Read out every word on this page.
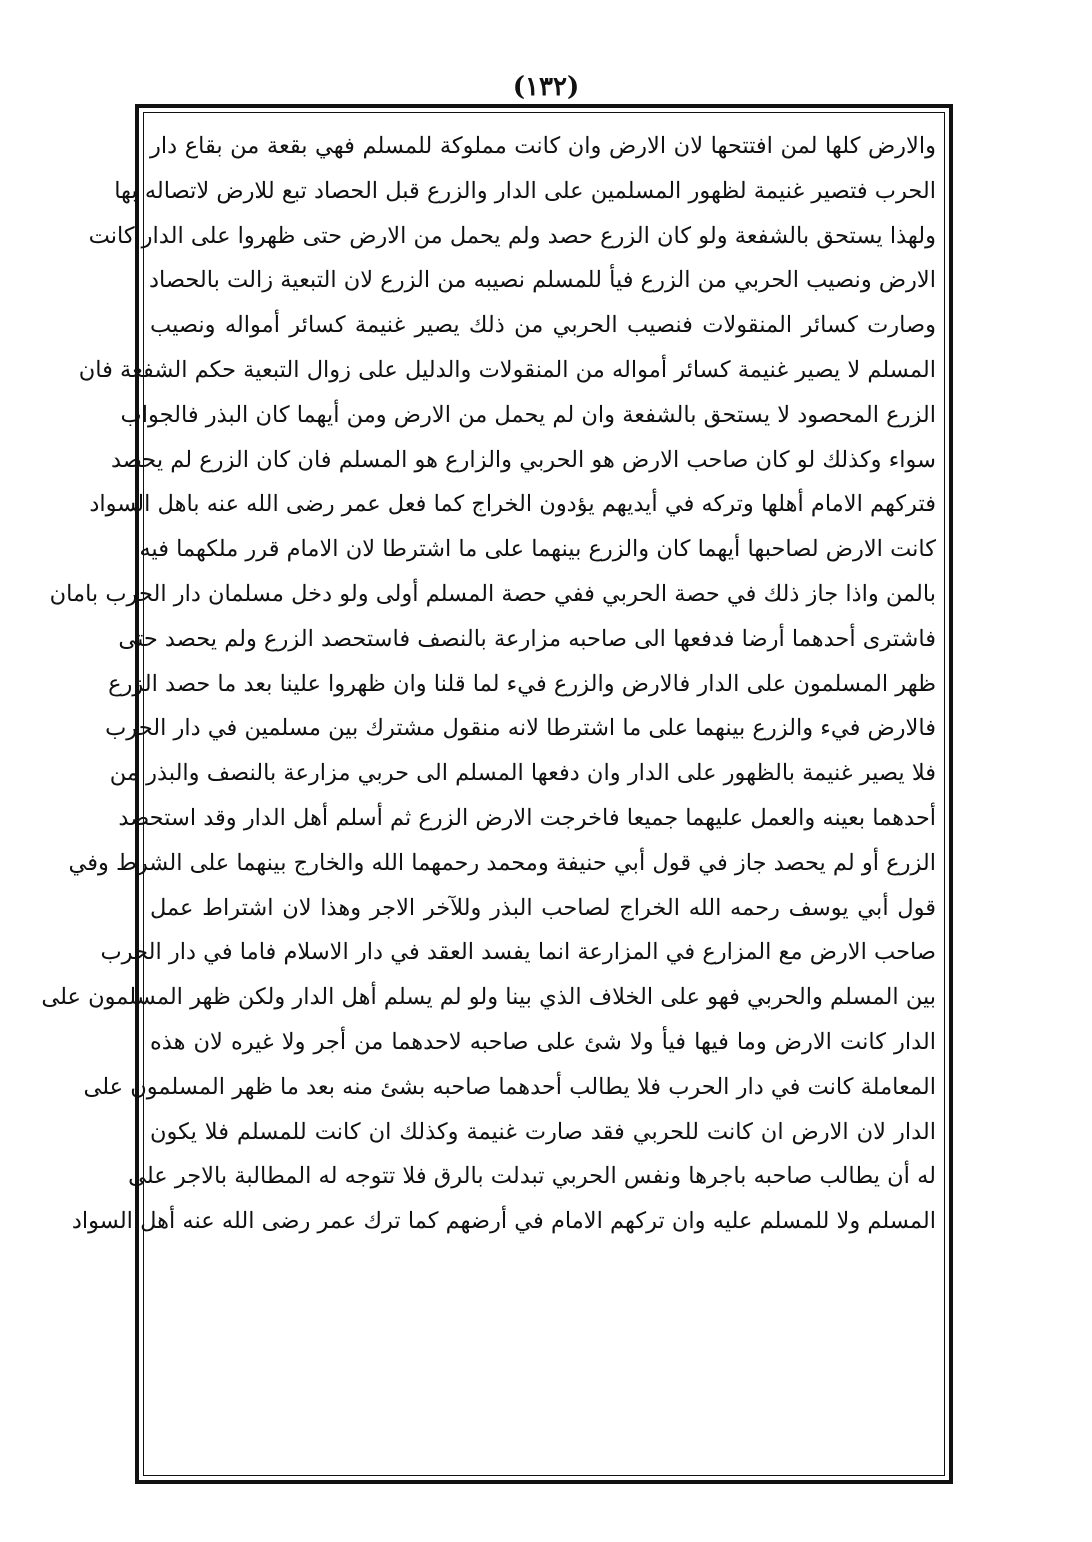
(١٣٢)
والارض كلها لمن افتتحها لان الارض وان كانت مملوكة للمسلم فهي بقعة من بقاع دار
الحرب فتصير غنيمة لظهور المسلمين على الدار والزرع قبل الحصاد تبع للارض لاتصاله بها
ولهذا يستحق بالشفعة ولو كان الزرع حصد ولم يحمل من الارض حتى ظهروا على الدار كانت
الارض ونصيب الحربي من الزرع فيأ للمسلم نصيبه من الزرع لان التبعية زالت بالحصاد
وصارت كسائر المنقولات فنصيب الحربي من ذلك يصير غنيمة كسائر أمواله ونصيب
المسلم لا يصير غنيمة كسائر أمواله من المنقولات والدليل على زوال التبعية حكم الشفعة فان
الزرع المحصود لا يستحق بالشفعة وان لم يحمل من الارض ومن أيهما كان البذر فالجواب
سواء وكذلك لو كان صاحب الارض هو الحربي والزارع هو المسلم فان كان الزرع لم يحصد
فتركهم الامام أهلها وتركه في أيديهم يؤدون الخراج كما فعل عمر رضى الله عنه باهل السواد
كانت الارض لصاحبها أيهما كان والزرع بينهما على ما اشترطا لان الامام قرر ملكهما فيه
بالمن واذا جاز ذلك في حصة الحربي ففي حصة المسلم أولى ولو دخل مسلمان دار الحرب بامان
فاشترى أحدهما أرضا فدفعها الى صاحبه مزارعة بالنصف فاستحصد الزرع ولم يحصد حتى
ظهر المسلمون على الدار فالارض والزرع فيء لما قلنا وان ظهروا علينا بعد ما حصد الزرع
فالارض فيء والزرع بينهما على ما اشترطا لانه منقول مشترك بين مسلمين في دار الحرب
فلا يصير غنيمة بالظهور على الدار وان دفعها المسلم الى حربي مزارعة بالنصف والبذر من
أحدهما بعينه والعمل عليهما جميعا فاخرجت الارض الزرع ثم أسلم أهل الدار وقد استحصد
الزرع أو لم يحصد جاز في قول أبي حنيفة ومحمد رحمهما الله والخارج بينهما على الشرط وفي
قول أبي يوسف رحمه الله الخراج لصاحب البذر وللآخر الاجر وهذا لان اشتراط عمل
صاحب الارض مع المزارع في المزارعة انما يفسد العقد في دار الاسلام فاما في دار الحرب
بين المسلم والحربي فهو على الخلاف الذي بينا ولو لم يسلم أهل الدار ولكن ظهر المسلمون على
الدار كانت الارض وما فيها فيأ ولا شئ على صاحبه لاحدهما من أجر ولا غيره لان هذه
المعاملة كانت في دار الحرب فلا يطالب أحدهما صاحبه بشئ منه بعد ما ظهر المسلمون على
الدار لان الارض ان كانت للحربي فقد صارت غنيمة وكذلك ان كانت للمسلم فلا يكون
له أن يطالب صاحبه باجرها ونفس الحربي تبدلت بالرق فلا تتوجه له المطالبة بالاجر على
المسلم ولا للمسلم عليه وان تركهم الامام في أرضهم كما ترك عمر رضى الله عنه أهل السواد
